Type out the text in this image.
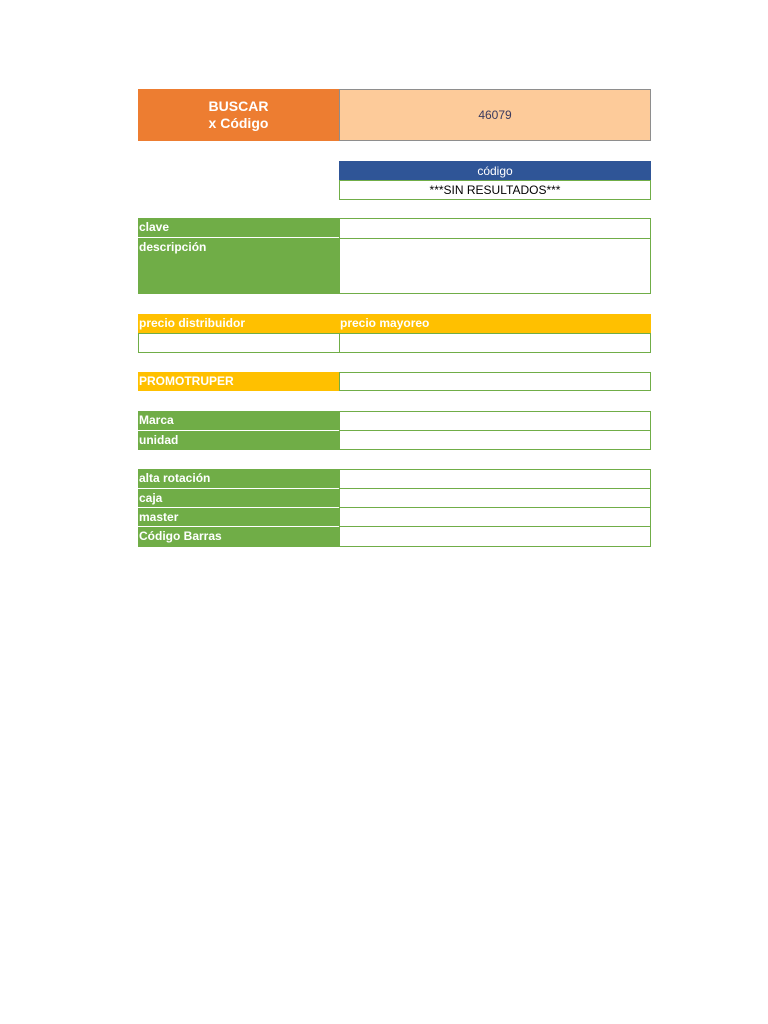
BUSCAR
x Código	46079
código
***SIN RESULTADOS***
clave
descripción
precio distribuidor	precio mayoreo
PROMOTRUPER
Marca
unidad
alta rotación
caja
master
Código Barras
